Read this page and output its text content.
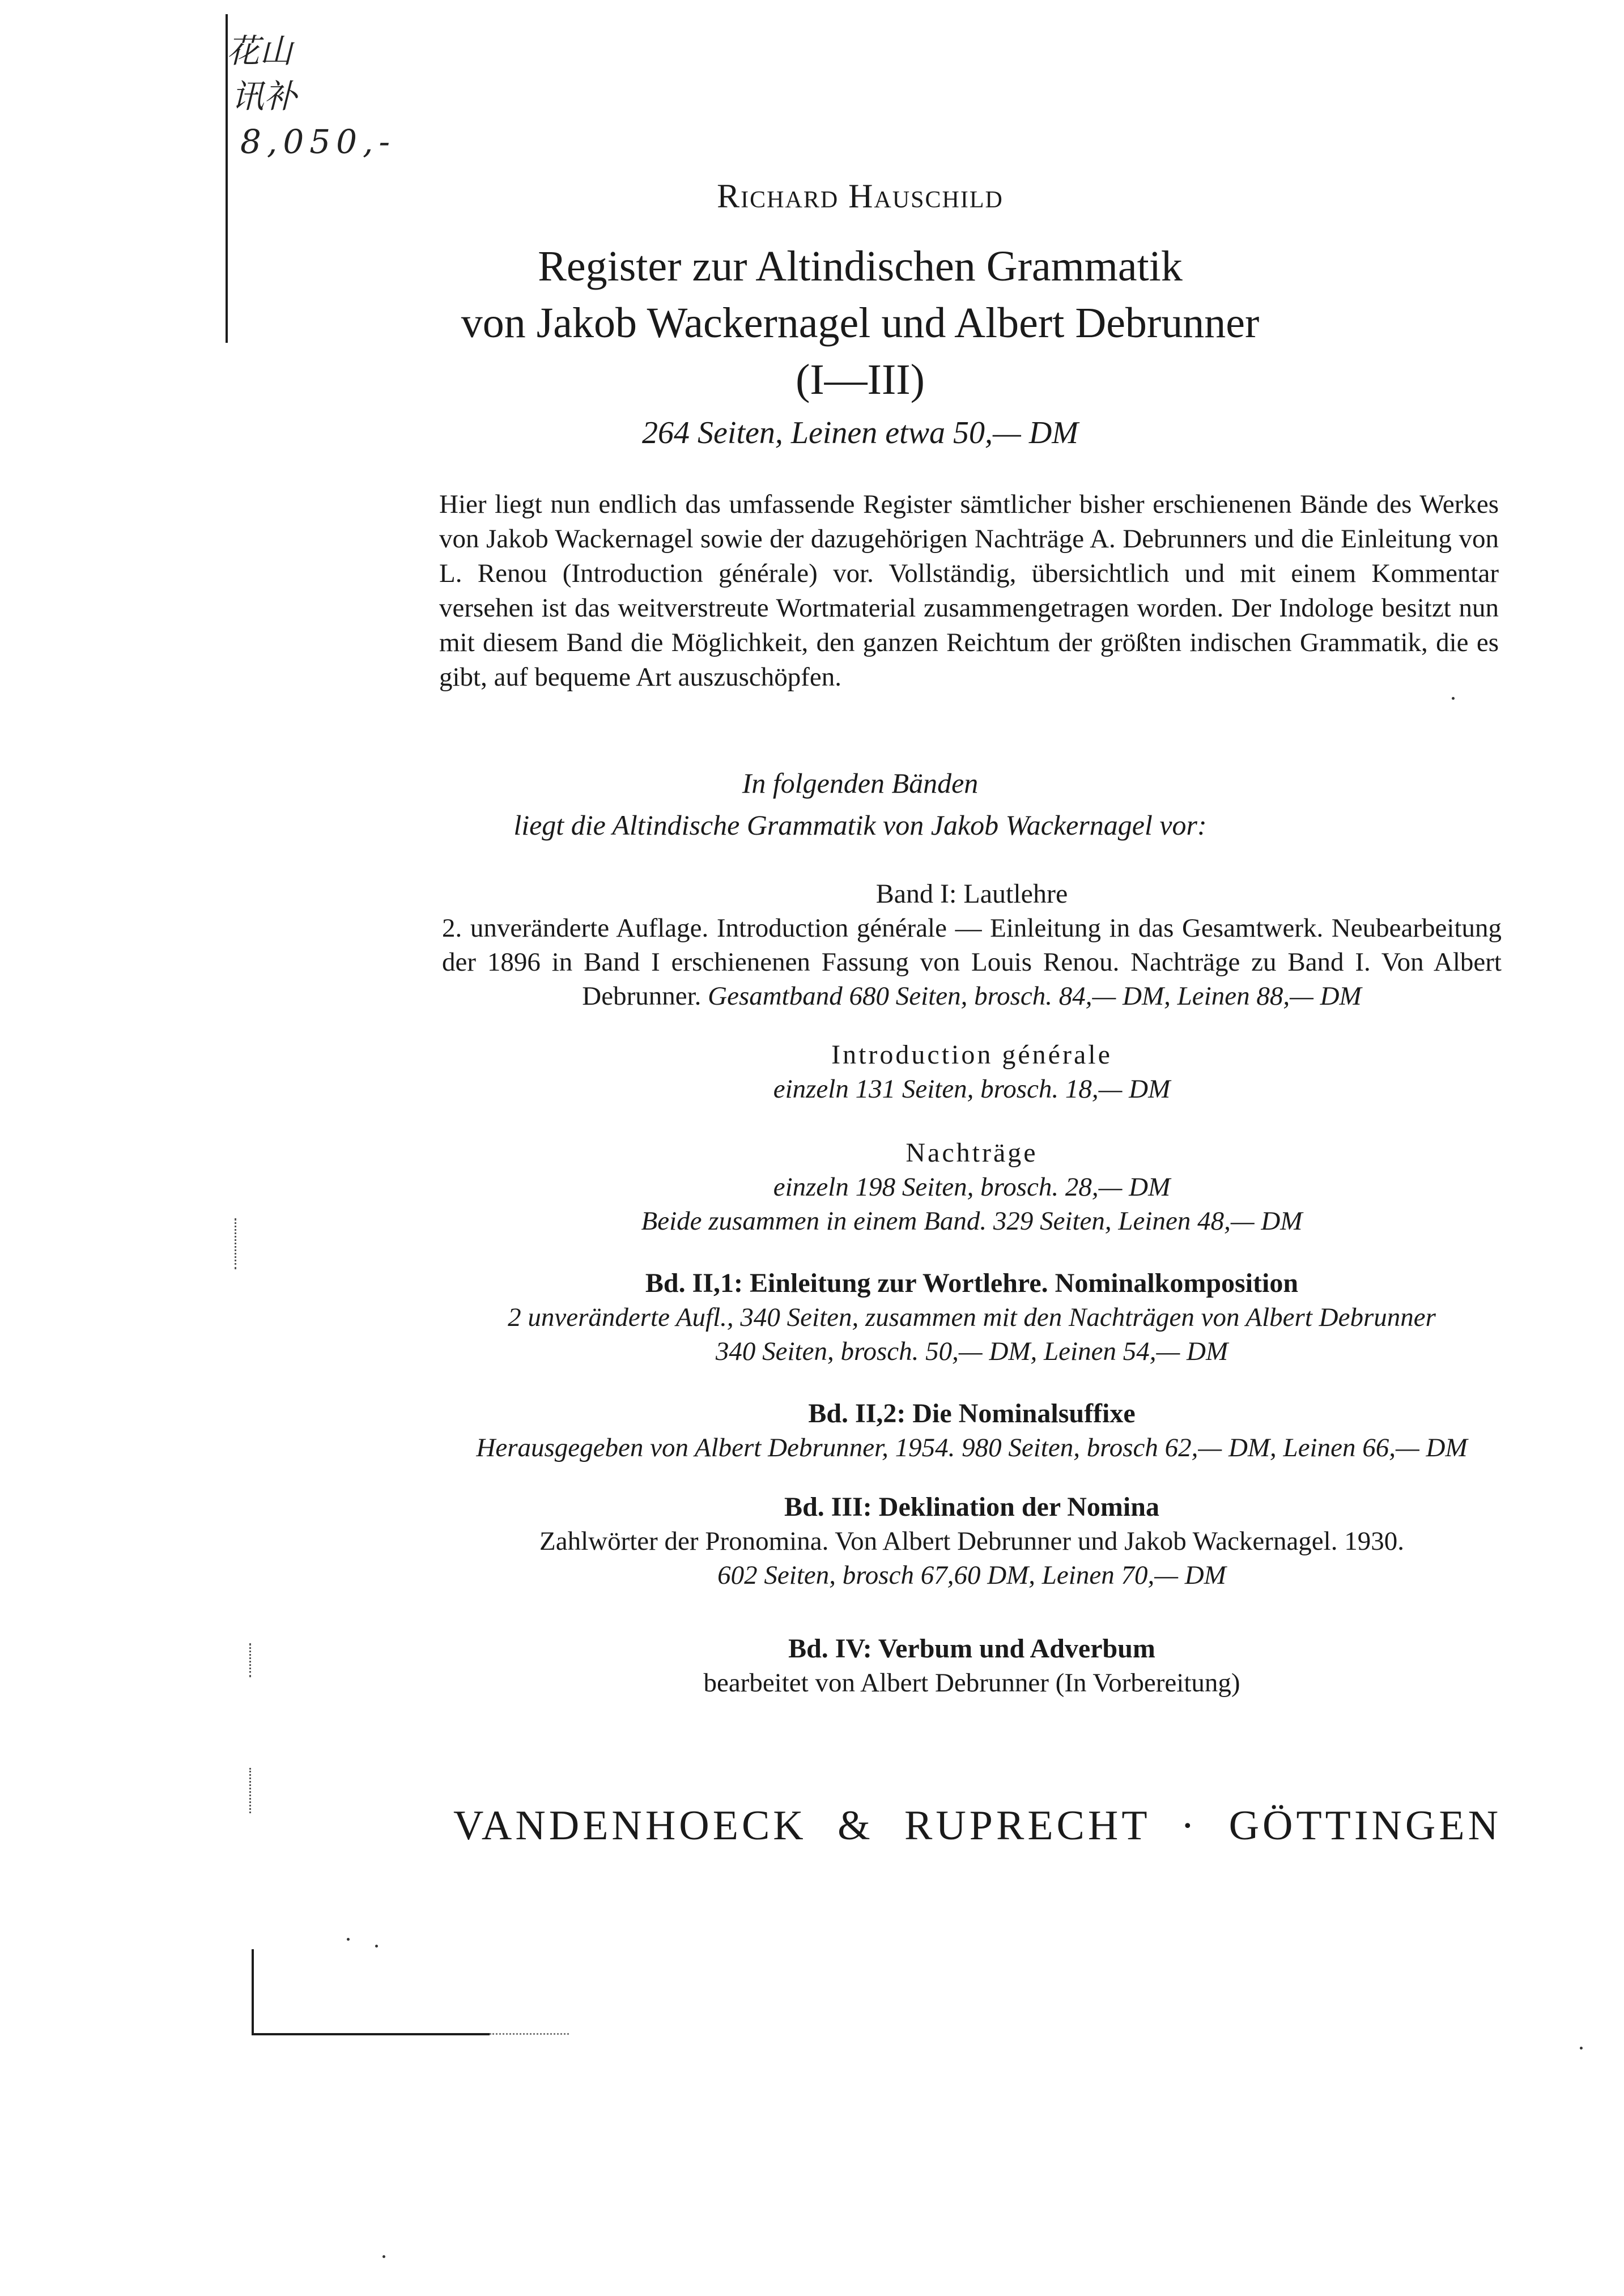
花山
讯补
8,050,-
Richard Hauschild
Register zur Altindischen Grammatik
von Jakob Wackernagel und Albert Debrunner
(I—III)
264 Seiten, Leinen etwa 50,— DM
Hier liegt nun endlich das umfassende Register sämtlicher bisher erschienenen Bände des Werkes von Jakob Wackernagel sowie der dazugehörigen Nachträge A. Debrunners und die Einleitung von L. Renou (Introduction générale) vor. Vollständig, übersichtlich und mit einem Kommentar versehen ist das weitverstreute Wortmaterial zusammengetragen worden. Der Indologe besitzt nun mit diesem Band die Möglichkeit, den ganzen Reichtum der größten indischen Grammatik, die es gibt, auf bequeme Art auszuschöpfen.
In folgenden Bänden
liegt die Altindische Grammatik von Jakob Wackernagel vor:
Band I: Lautlehre
2. unveränderte Auflage. Introduction générale — Einleitung in das Gesamtwerk. Neubearbeitung der 1896 in Band I erschienenen Fassung von Louis Renou. Nachträge zu Band I. Von Albert Debrunner. Gesamtband 680 Seiten, brosch. 84,— DM, Leinen 88,— DM
Introduction générale
einzeln 131 Seiten, brosch. 18,— DM
Nachträge
einzeln 198 Seiten, brosch. 28,— DM
Beide zusammen in einem Band. 329 Seiten, Leinen 48,— DM
Bd. II,1: Einleitung zur Wortlehre. Nominalkomposition
2 unveränderte Aufl., 340 Seiten, zusammen mit den Nachträgen von Albert Debrunner
340 Seiten, brosch. 50,— DM, Leinen 54,— DM
Bd. II,2: Die Nominalsuffixe
Herausgegeben von Albert Debrunner, 1954. 980 Seiten, brosch 62,— DM, Leinen 66,— DM
Bd. III: Deklination der Nomina
Zahlwörter der Pronomina. Von Albert Debrunner und Jakob Wackernagel. 1930.
602 Seiten, brosch 67,60 DM, Leinen 70,— DM
Bd. IV: Verbum und Adverbum
bearbeitet von Albert Debrunner (In Vorbereitung)
VANDENHOECK & RUPRECHT · GÖTTINGEN
